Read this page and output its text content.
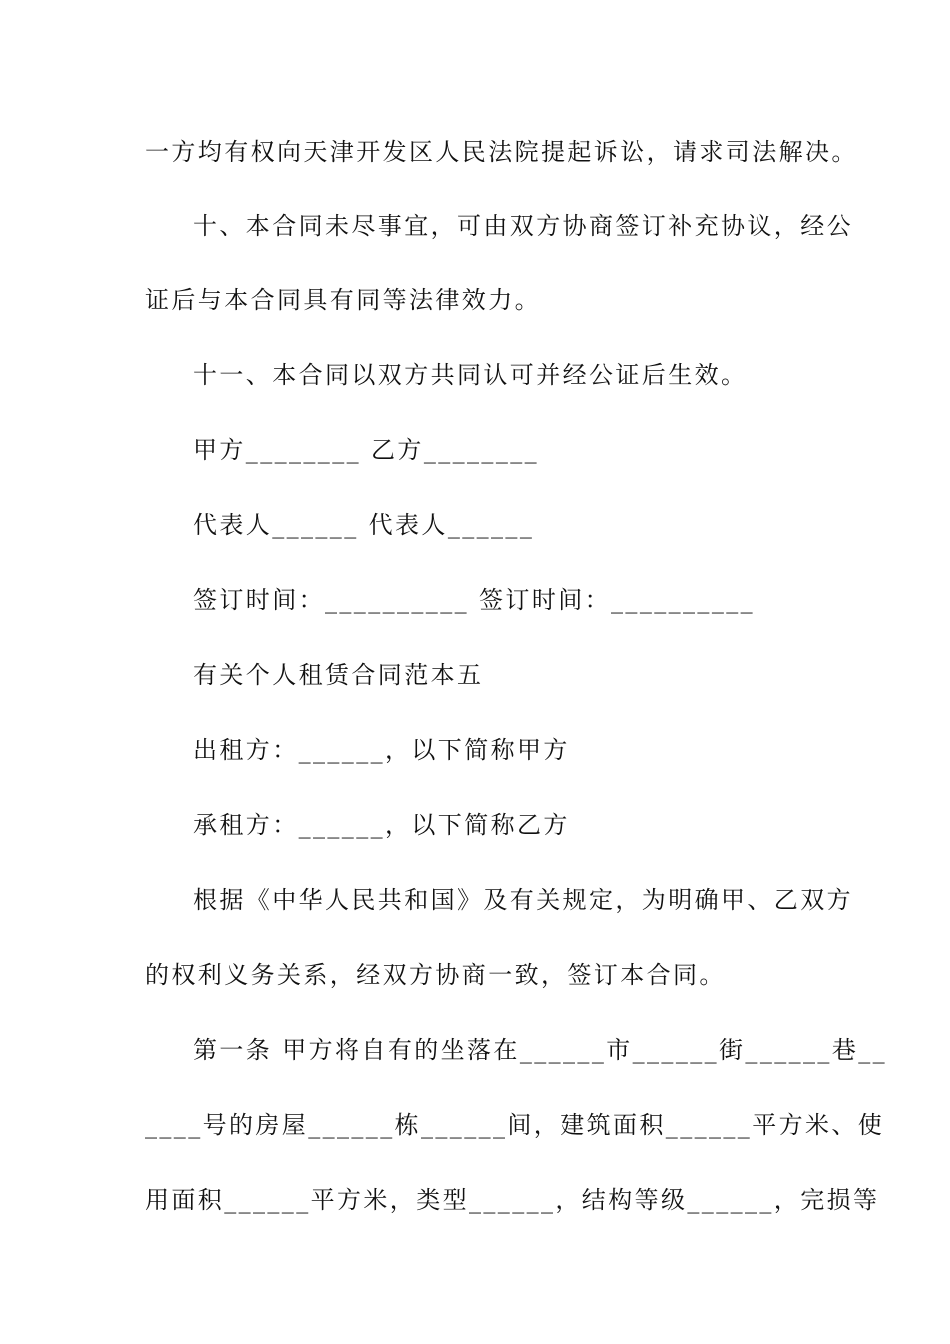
一方均有权向天津开发区人民法院提起诉讼，请求司法解决。
十、本合同未尽事宜，可由双方协商签订补充协议，经公
证后与本合同具有同等法律效力。
十一、本合同以双方共同认可并经公证后生效。
甲方________ 乙方________
代表人______ 代表人______
签订时间：__________ 签订时间：__________
有关个人租赁合同范本五
出租方：______，以下简称甲方
承租方：______，以下简称乙方
根据《中华人民共和国》及有关规定，为明确甲、乙双方
的权利义务关系，经双方协商一致，签订本合同。
第一条 甲方将自有的坐落在______市______街______巷__
____号的房屋______栋______间，建筑面积______平方米、使
用面积______平方米，类型______，结构等级______，完损等
